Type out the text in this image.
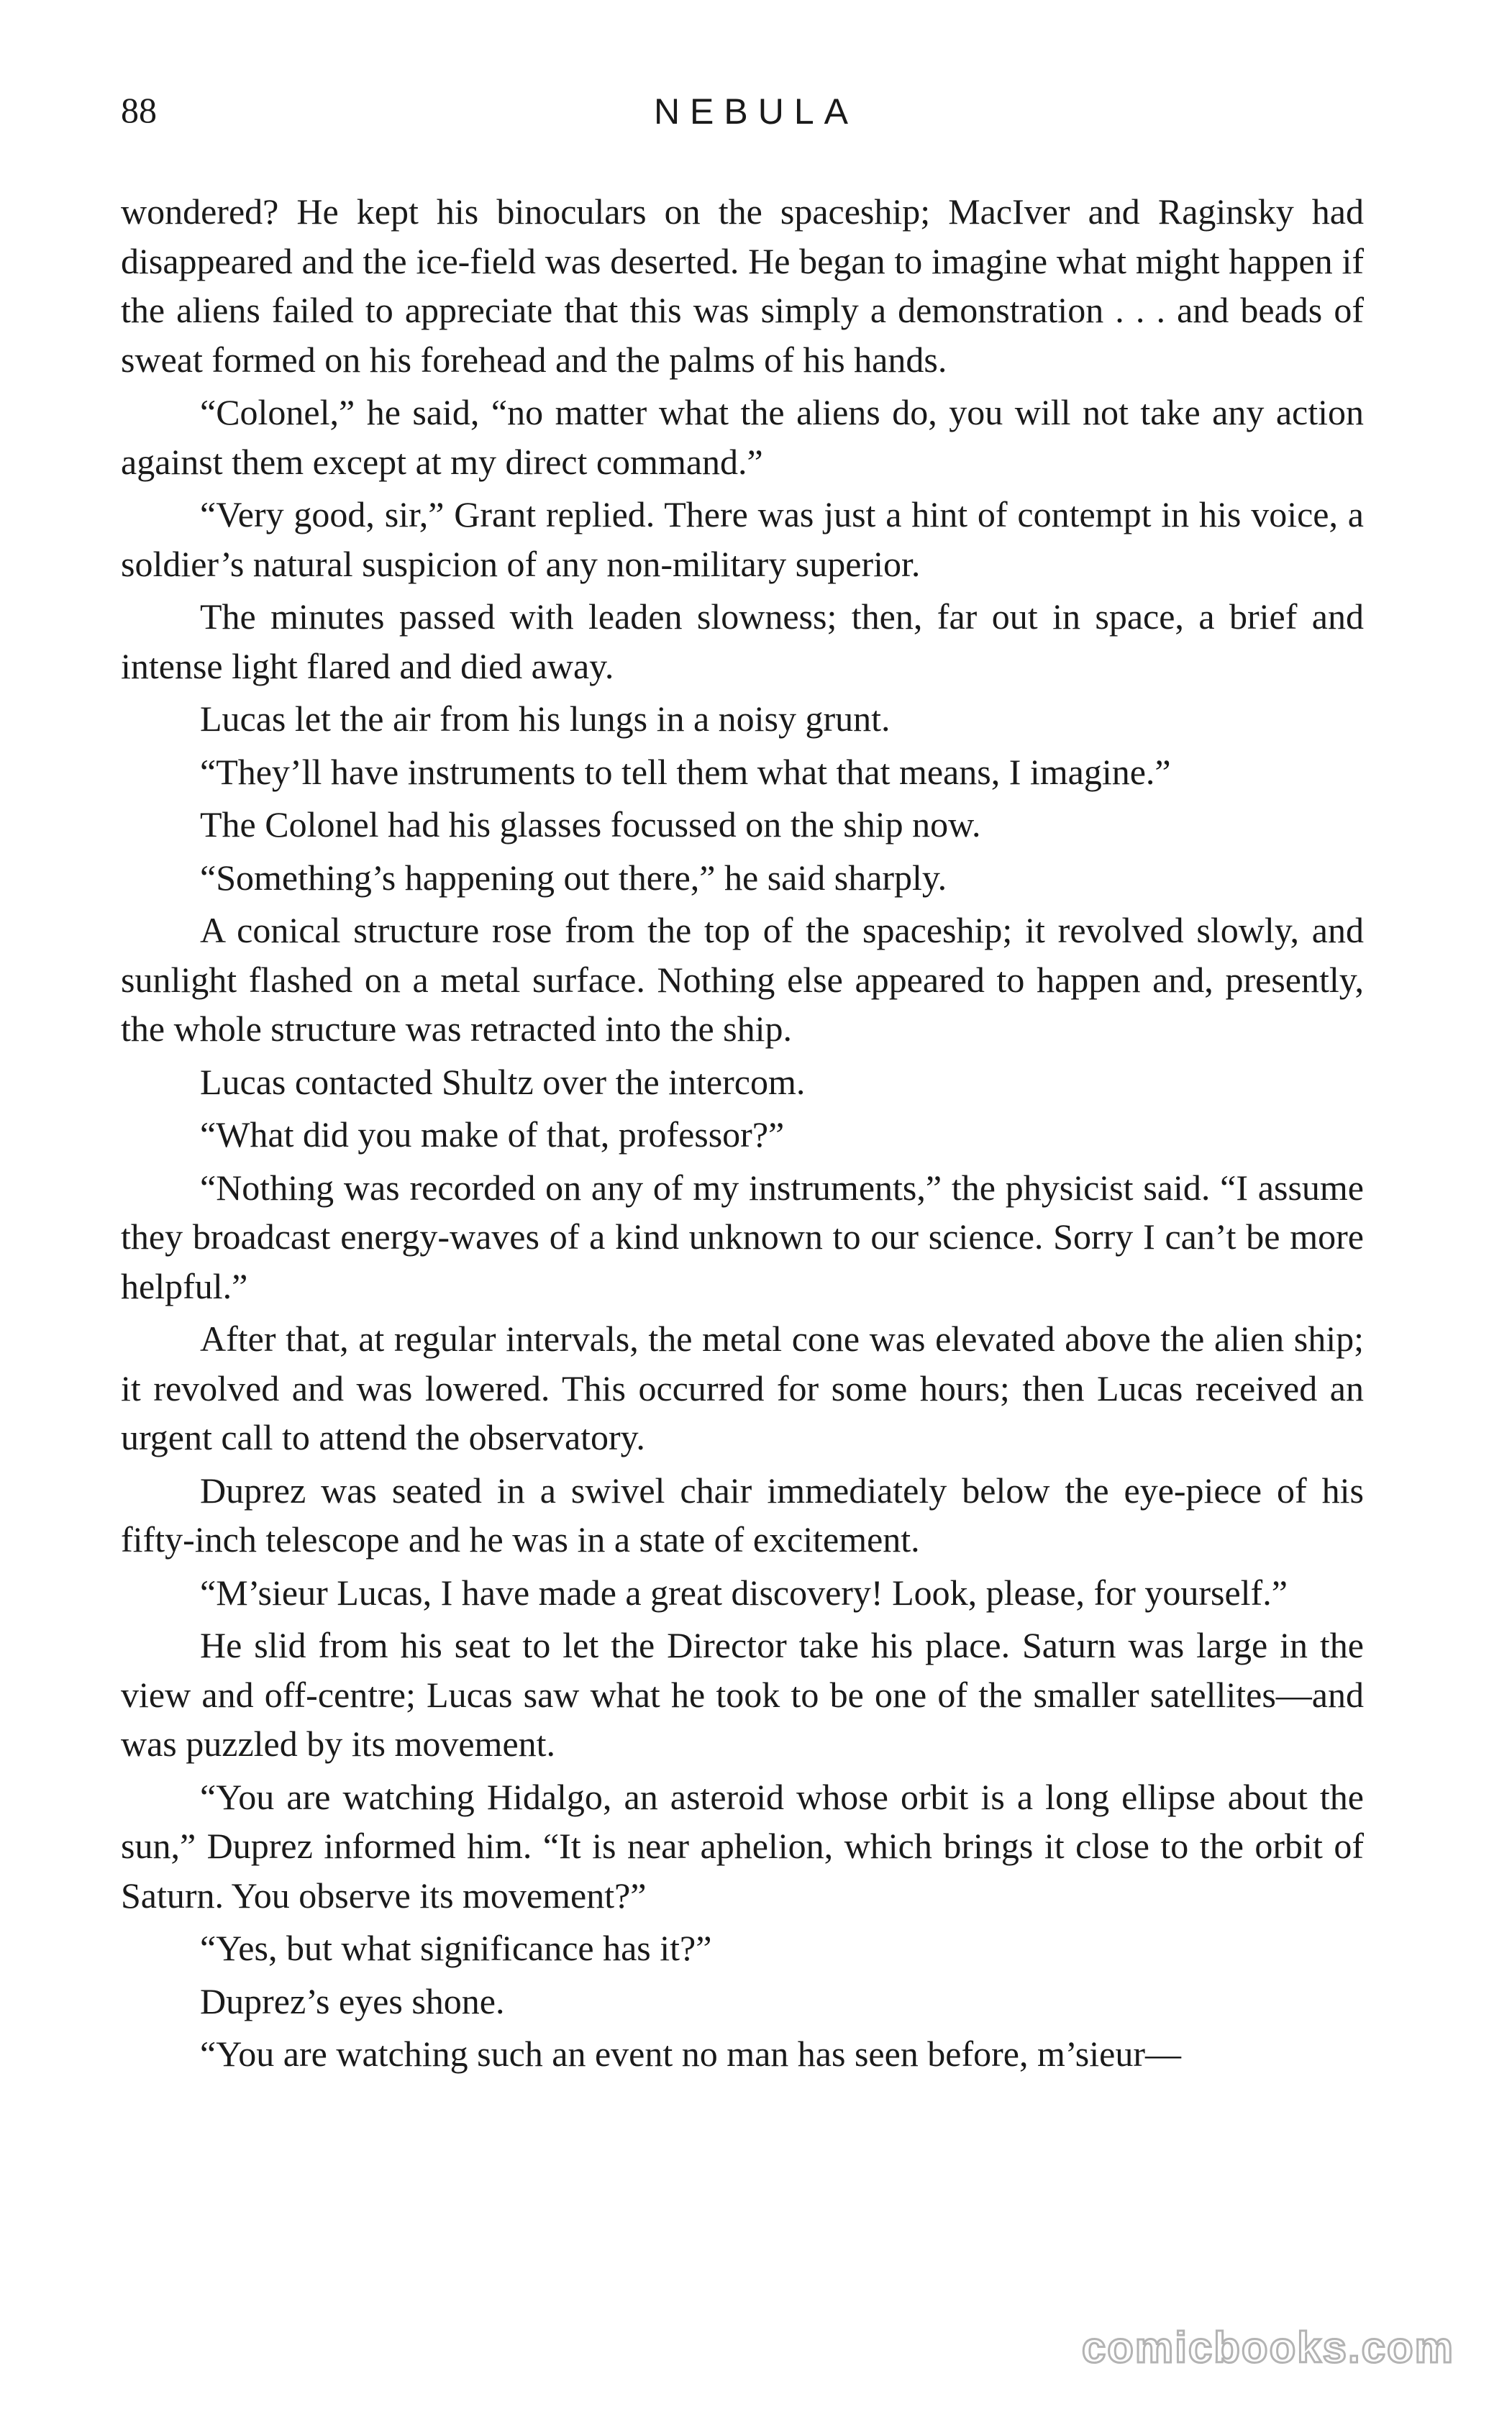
88	NEBULA

wondered? He kept his binoculars on the spaceship; MacIver and Raginsky had disappeared and the ice-field was deserted. He began to imagine what might happen if the aliens failed to appreciate that this was simply a demonstration . . . and beads of sweat formed on his forehead and the palms of his hands.

“Colonel,” he said, “no matter what the aliens do, you will not take any action against them except at my direct command.”

“Very good, sir,” Grant replied. There was just a hint of contempt in his voice, a soldier’s natural suspicion of any non-military superior.

The minutes passed with leaden slowness; then, far out in space, a brief and intense light flared and died away.

Lucas let the air from his lungs in a noisy grunt.

“They’ll have instruments to tell them what that means, I imagine.”

The Colonel had his glasses focussed on the ship now.

“Something’s happening out there,” he said sharply.

A conical structure rose from the top of the spaceship; it revolved slowly, and sunlight flashed on a metal surface. Nothing else appeared to happen and, presently, the whole structure was retracted into the ship.

Lucas contacted Shultz over the intercom.

“What did you make of that, professor?”

“Nothing was recorded on any of my instruments,” the physicist said. “I assume they broadcast energy-waves of a kind unknown to our science. Sorry I can’t be more helpful.”

After that, at regular intervals, the metal cone was elevated above the alien ship; it revolved and was lowered. This occurred for some hours; then Lucas received an urgent call to attend the observatory.

Duprez was seated in a swivel chair immediately below the eye-piece of his fifty-inch telescope and he was in a state of excitement.

“M’sieur Lucas, I have made a great discovery! Look, please, for yourself.”

He slid from his seat to let the Director take his place. Saturn was large in the view and off-centre; Lucas saw what he took to be one of the smaller satellites—and was puzzled by its movement.

“You are watching Hidalgo, an asteroid whose orbit is a long ellipse about the sun,” Duprez informed him. “It is near aphelion, which brings it close to the orbit of Saturn. You observe its movement?”

“Yes, but what significance has it?”

Duprez’s eyes shone.

“You are watching such an event no man has seen before, m’sieur—

comicbooks.com
